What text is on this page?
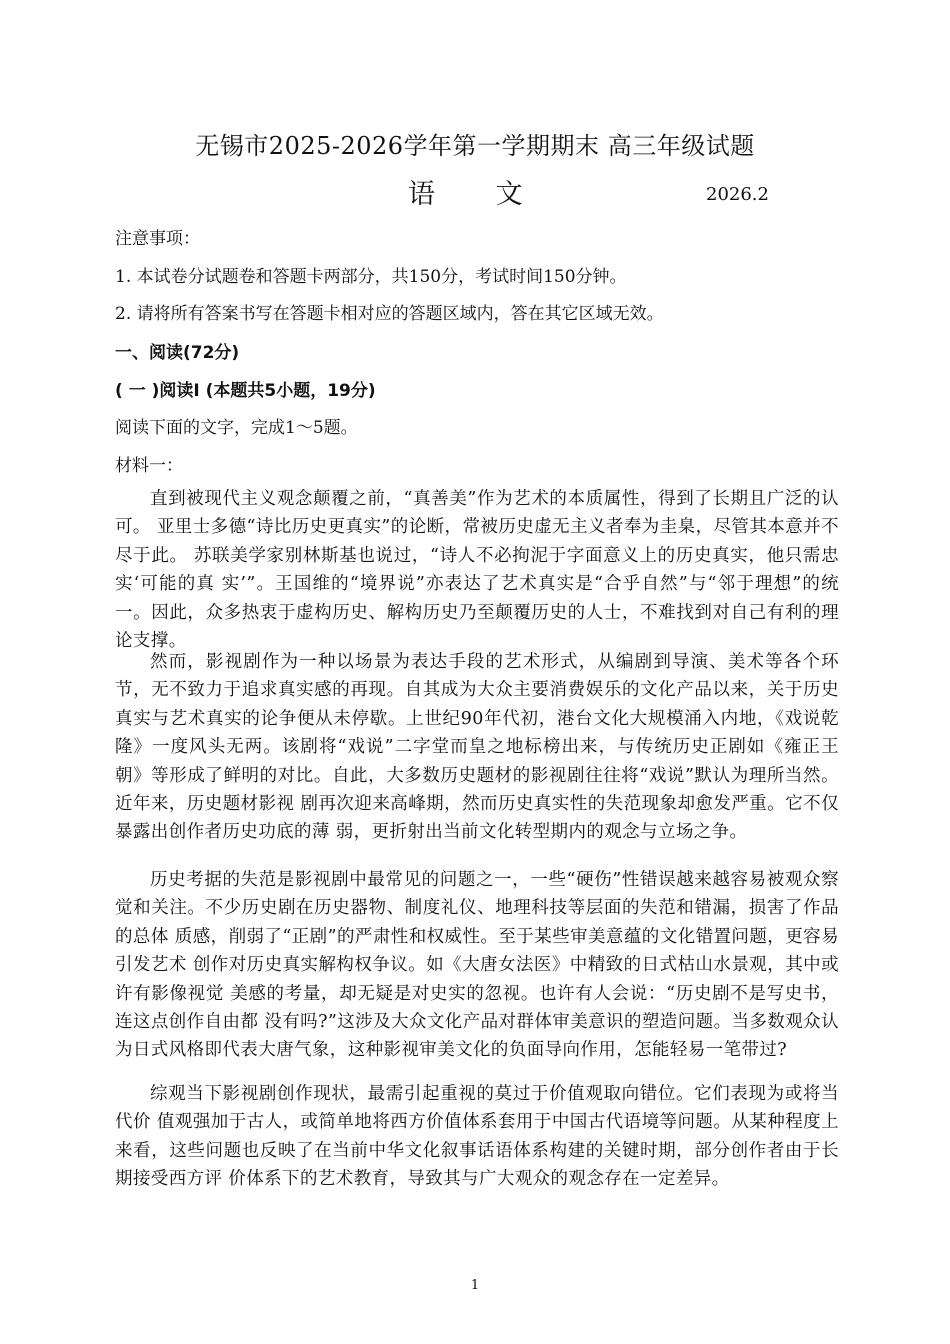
无锡市2025-2026学年第一学期期末 高三年级试题
语 文	2026.2
注意事项：
1. 本试卷分试题卷和答题卡两部分，共150分，考试时间150分钟。
2. 请将所有答案书写在答题卡相对应的答题区域内，答在其它区域无效。
一、阅读(72分)
( 一 )阅读Ⅰ (本题共5小题，19分)
阅读下面的文字，完成1～5题。
材料一：
直到被现代主义观念颠覆之前，“真善美”作为艺术的本质属性，得到了长期且广泛的认可。 亚里士多德“诗比历史更真实”的论断，常被历史虚无主义者奉为圭臬，尽管其本意并不尽于此。 苏联美学家别林斯基也说过，“诗人不必拘泥于字面意义上的历史真实，他只需忠实‘可能的真 实’”。王国维的“境界说”亦表达了艺术真实是“合乎自然”与“邻于理想”的统一。因此，众多热衷于虚构历史、解构历史乃至颠覆历史的人士，不难找到对自己有利的理论支撑。
然而，影视剧作为一种以场景为表达手段的艺术形式，从编剧到导演、美术等各个环节，无不致力于追求真实感的再现。自其成为大众主要消费娱乐的文化产品以来，关于历史真实与艺术真实的论争便从未停歇。上世纪90年代初，港台文化大规模涌入内地，《戏说乾隆》一度风头无两。该剧将“戏说”二字堂而皇之地标榜出来，与传统历史正剧如《雍正王朝》等形成了鲜明的对比。自此，大多数历史题材的影视剧往往将“戏说”默认为理所当然。近年来，历史题材影视 剧再次迎来高峰期，然而历史真实性的失范现象却愈发严重。它不仅暴露出创作者历史功底的薄 弱，更折射出当前文化转型期内的观念与立场之争。
历史考据的失范是影视剧中最常见的问题之一，一些“硬伤”性错误越来越容易被观众察觉和关注。不少历史剧在历史器物、制度礼仪、地理科技等层面的失范和错漏，损害了作品的总体 质感，削弱了“正剧”的严肃性和权威性。至于某些审美意蕴的文化错置问题，更容易引发艺术 创作对历史真实解构权争议。如《大唐女法医》中精致的日式枯山水景观，其中或许有影像视觉 美感的考量，却无疑是对史实的忽视。也许有人会说：“历史剧不是写史书，连这点创作自由都 没有吗?”这涉及大众文化产品对群体审美意识的塑造问题。当多数观众认为日式风格即代表大唐气象，这种影视审美文化的负面导向作用，怎能轻易一笔带过?
综观当下影视剧创作现状，最需引起重视的莫过于价值观取向错位。它们表现为或将当代价 值观强加于古人，或简单地将西方价值体系套用于中国古代语境等问题。从某种程度上来看，这些问题也反映了在当前中华文化叙事话语体系构建的关键时期，部分创作者由于长期接受西方评 价体系下的艺术教育，导致其与广大观众的观念存在一定差异。
1
